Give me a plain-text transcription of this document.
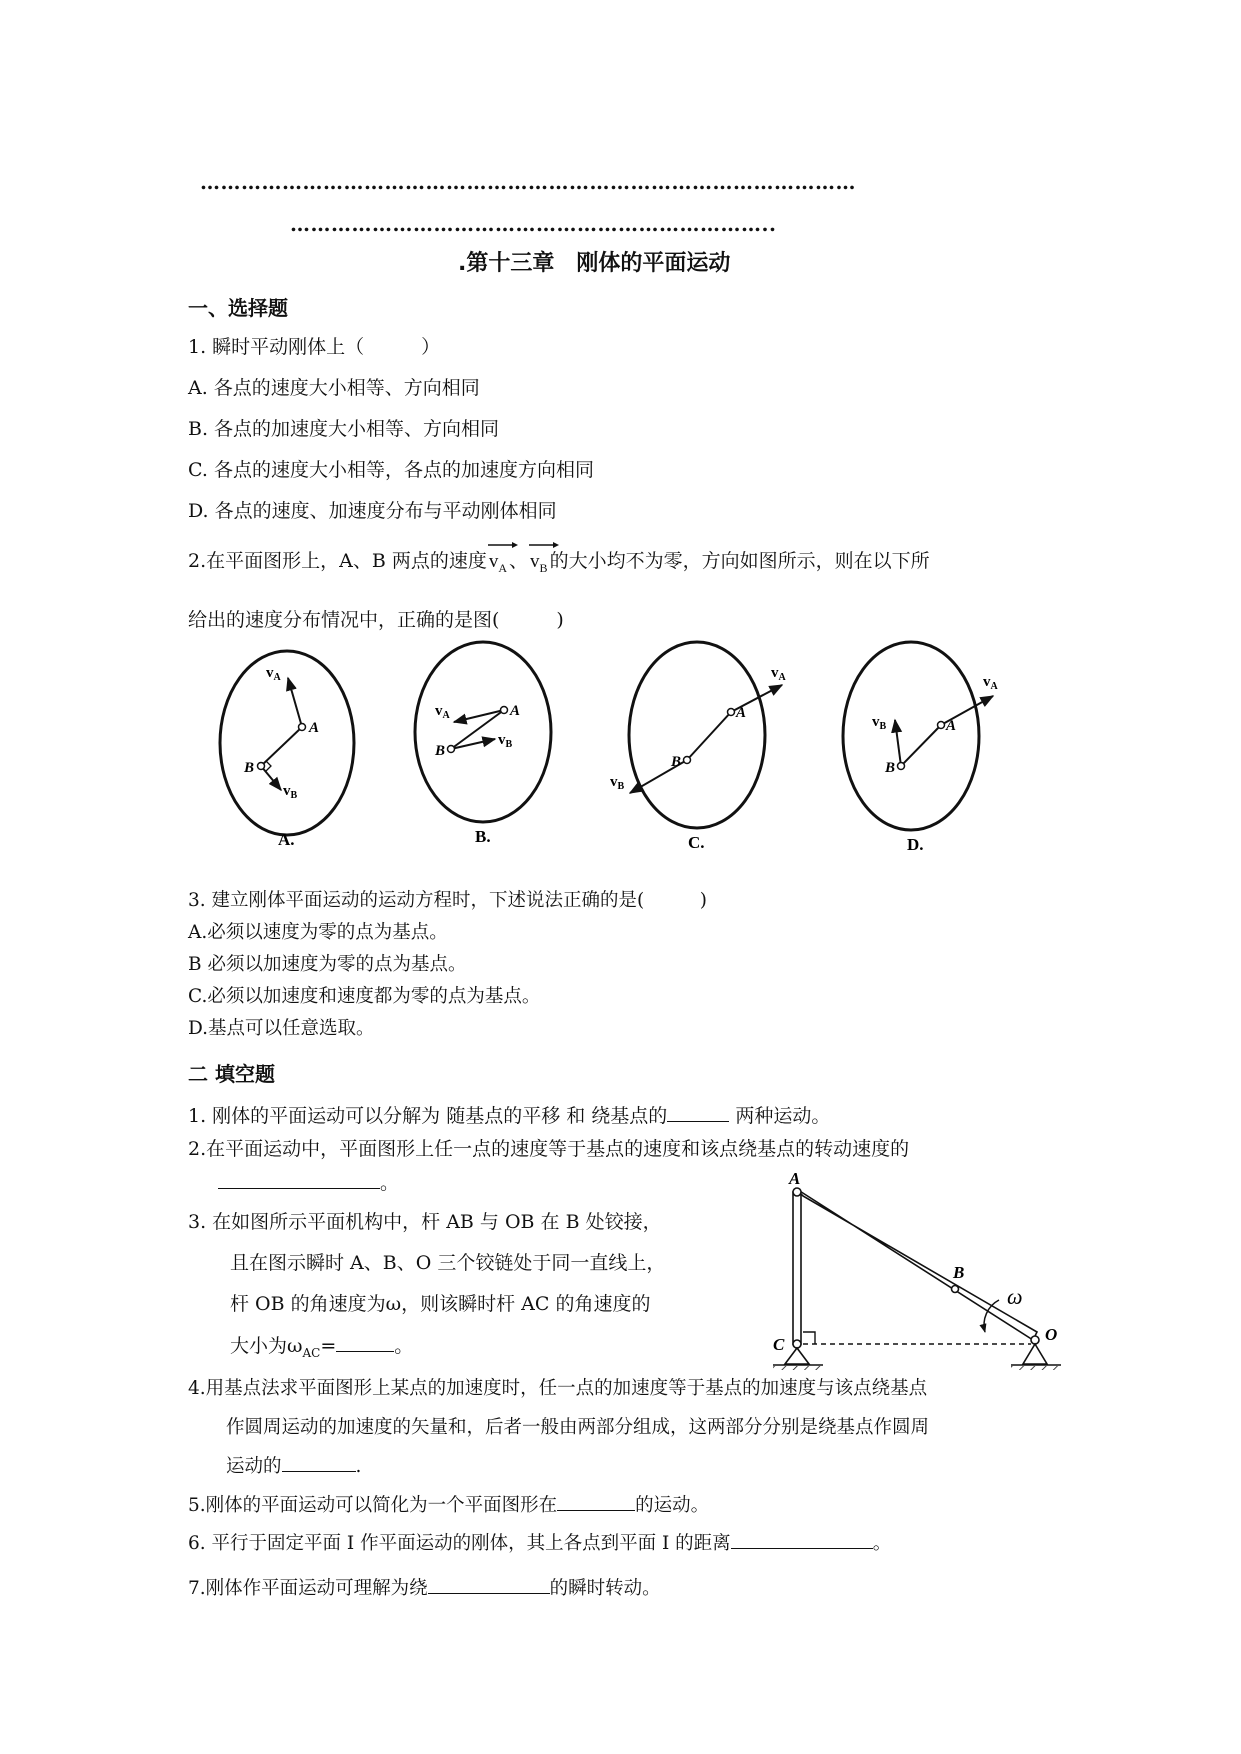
……………………………………………………………………………………
……………………………………………………………..
.第十三章　刚体的平面运动
一、选择题
1. 瞬时平动刚体上（　　　）
A. 各点的速度大小相等、方向相同
B. 各点的加速度大小相等、方向相同
C. 各点的速度大小相等，各点的加速度方向相同
D. 各点的速度、加速度分布与平动刚体相同
2.在平面图形上，A、B 两点的速度 $v_A$ 、 $v_B$ 的大小均不为零，方向如图所示，则在以下所
给出的速度分布情况中，正确的是图(　　　)
A
B
$v_A$
$v_B$
A.
A
B
$v_A$
$v_B$
B.
A
B
$v_A$
$v_B$
C.
A
B
$v_A$
$v_B$
D.
3. 建立刚体平面运动的运动方程时，下述说法正确的是(　　　)
A.必须以速度为零的点为基点。
B 必须以加速度为零的点为基点。
C.必须以加速度和速度都为零的点为基点。
D.基点可以任意选取。
二 填空题
1. 刚体的平面运动可以分解为 随基点的平移 和 绕基点的	两种运动。
2.在平面运动中，平面图形上任一点的速度等于基点的速度和该点绕基点的转动速度的
。
3. 在如图所示平面机构中，杆 AB 与 OB 在 B 处铰接，
且在图示瞬时 A、B、O 三个铰链处于同一直线上，
杆 OB 的角速度为ω，则该瞬时杆 AC 的角速度的
大小为$\omega_{AC}=$	。
A
B
C
O
ω
4.用基点法求平面图形上某点的加速度时，任一点的加速度等于基点的加速度与该点绕基点
作圆周运动的加速度的矢量和，后者一般由两部分组成，这两部分分别是绕基点作圆周
运动的	.
5.刚体的平面运动可以简化为一个平面图形在	的运动。
6. 平行于固定平面 I 作平面运动的刚体，其上各点到平面 I 的距离	。
7.刚体作平面运动可理解为绕	的瞬时转动。
